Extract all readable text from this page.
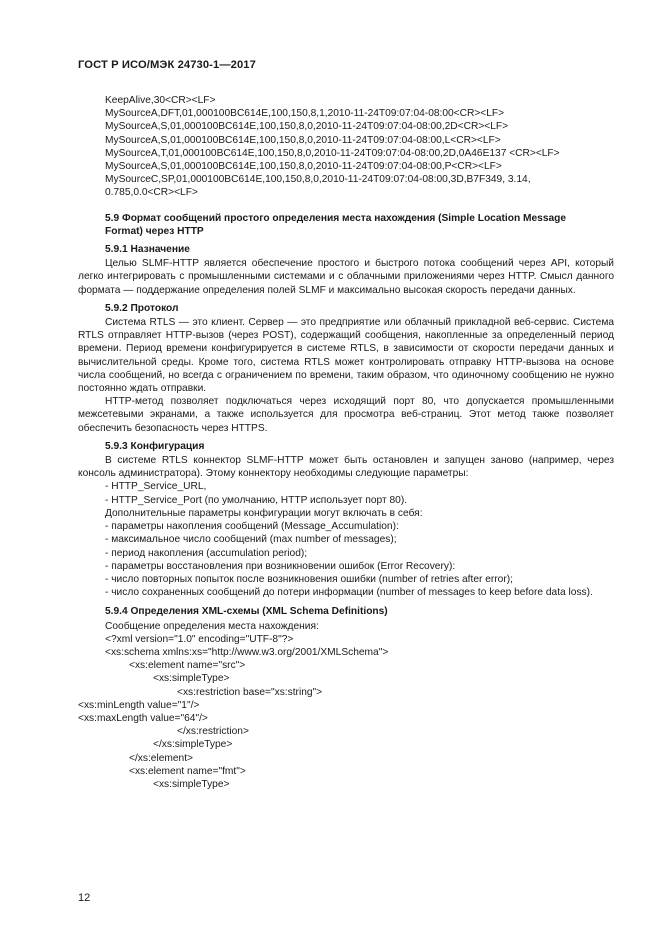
ГОСТ Р ИСО/МЭК 24730-1—2017
KeepAlive,30<CR><LF>
MySourceA,DFT,01,000100BC614E,100,150,8,1,2010-11-24T09:07:04-08:00<CR><LF>
MySourceA,S,01,000100BC614E,100,150,8,0,2010-11-24T09:07:04-08:00,2D<CR><LF>
MySourceA,S,01,000100BC614E,100,150,8,0,2010-11-24T09:07:04-08:00,L<CR><LF>
MySourceA,T,01,000100BC614E,100,150,8,0,2010-11-24T09:07:04-08:00,2D,0A46E137 <CR><LF>
MySourceA,S,01,000100BC614E,100,150,8,0,2010-11-24T09:07:04-08:00,P<CR><LF>
MySourceC,SP,01,000100BC614E,100,150,8,0,2010-11-24T09:07:04-08:00,3D,B7F349, 3.14,
0.785,0.0<CR><LF>
5.9 Формат сообщений простого определения места нахождения (Simple Location Message
Format) через HTTP
5.9.1 Назначение

Целью SLMF-HTTP является обеспечение простого и быстрого потока сообщений через API, который легко интегрировать с промышленными системами и с облачными приложениями через HTTP. Смысл данного формата — поддержание определения полей SLMF и максимально высокая скорость передачи данных.

5.9.2 Протокол

Система RTLS — это клиент. Сервер — это предприятие или облачный прикладной веб-сервис. Система RTLS отправляет HTTP-вызов (через POST), содержащий сообщения, накопленные за определенный период времени. Период времени конфигурируется в системе RTLS, в зависимости от скорости передачи данных и вычислительной среды. Кроме того, система RTLS может контролировать отправку HTTP-вызова на основе числа сообщений, но всегда с ограничением по времени, таким образом, что одиночному сообщению не нужно постоянно ждать отправки.

HTTP-метод позволяет подключаться через исходящий порт 80, что допускается промышленными межсетевыми экранами, а также используется для просмотра веб-страниц. Этот метод также позволяет обеспечить безопасность через HTTPS.

5.9.3 Конфигурация

В системе RTLS коннектор SLMF-HTTP может быть остановлен и запущен заново (например, через консоль администратора). Этому коннектору необходимы следующие параметры:

- HTTP_Service_URL,
- HTTP_Service_Port (по умолчанию, HTTP использует порт 80).
Дополнительные параметры конфигурации могут включать в себя:
- параметры накопления сообщений (Message_Accumulation):
- максимальное число сообщений (max number of messages);
- период накопления (accumulation period);
- параметры восстановления при возникновении ошибок (Error Recovery):
- число повторных попыток после возникновения ошибки (number of retries after error);

- число сохраненных сообщений до потери информации (number of messages to keep before data loss).

5.9.4 Определения XML-схемы (XML Schema Definitions)
Сообщение определения места нахождения:
<?xml version="1.0" encoding="UTF-8"?>
<xs:schema xmlns:xs="http://www.w3.org/2001/XMLSchema">
<xs:element name="src">
<xs:simpleType>
<xs:restriction base="xs:string">
<xs:minLength value="1"/>
<xs:maxLength value="64"/>
</xs:restriction>
</xs:simpleType>
</xs:element>
<xs:element name="fmt">
<xs:simpleType>
12
